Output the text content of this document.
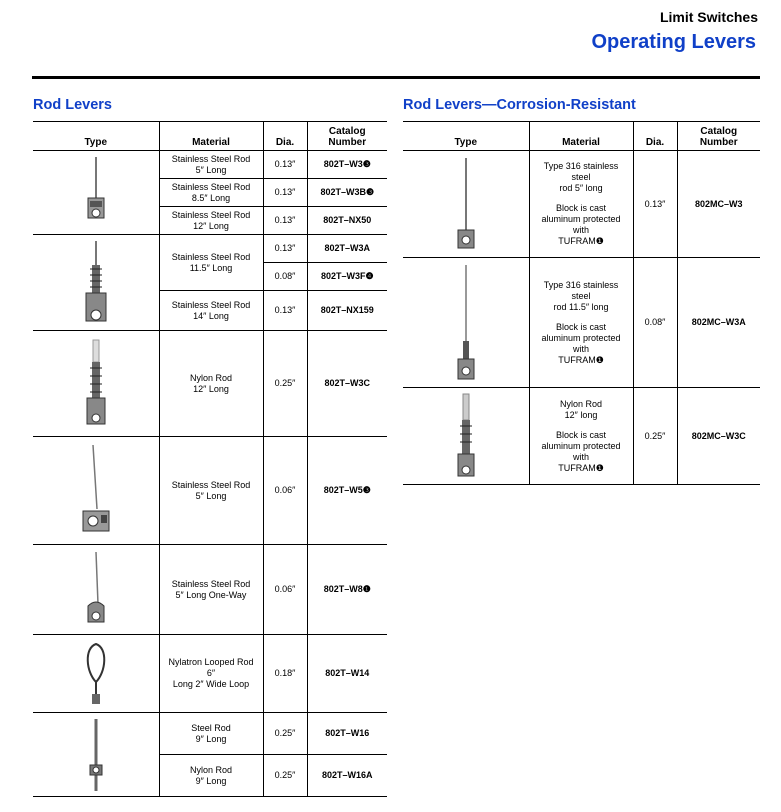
Limit Switches
Operating Levers
Rod Levers	Rod Levers—Corrosion-Resistant
Type	Material	Dia.	Catalog
Number

	Stainless Steel Rod
5″ Long	0.13″	802T–W3❸
	Stainless Steel Rod
8.5″ Long	0.13″	802T–W3B❸
	Stainless Steel Rod
12″ Long	0.13″	802T–NX50

	Stainless Steel Rod
11.5″ Long	0.13″	802T–W3A
		0.08″	802T–W3F❹
	Stainless Steel Rod
14″ Long	0.13″	802T–NX159

	Nylon Rod
12″ Long	0.25″	802T–W3C

	Stainless Steel Rod
5″ Long	0.06″	802T–W5❸

	Stainless Steel Rod
5″ Long One-Way	0.06″	802T–W8❶

	Nylatron Looped Rod 6″
Long 2″ Wide Loop	0.18″	802T–W14

	Steel Rod
9″ Long	0.25″	802T–W16
	Nylon Rod
9″ Long	0.25″	802T–W16A
Type	Material	Dia.	Catalog
Number

Type 316 stainless steel
rod 5″ long
Block is cast
aluminum protected with
TUFRAM❶	0.13″	802MC–W3

Type 316 stainless steel
rod 11.5″ long
Block is cast
aluminum protected with
TUFRAM❶	0.08″	802MC–W3A

Nylon Rod
12″ long
Block is cast
aluminum protected with
TUFRAM❶	0.25″	802MC–W3C
